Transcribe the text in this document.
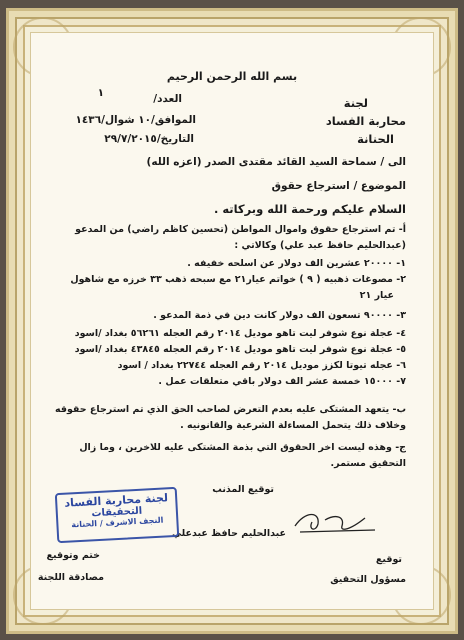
بسم الله الرحمن الرحيم
لجنة
محاربة الفساد
الحنانة
العدد/
١
الموافق/١٠ شوال/١٤٣٦
التاريخ/٢٩/٧/٢٠١٥
الى / سماحة السيد القائد مقتدى الصدر (اعزه الله)
الموضوع / استرجاع حقوق
السلام عليكم ورحمة الله وبركاته .
أ- تم استرجاع حقوق واموال المواطن (تحسين كاظم راضي) من المدعو
(عبدالحليم حافظ عبد علي) وكالاتي :
١- ٢٠٠٠٠ عشرين الف دولار عن اسلحه خفيفه .
٢- مصوغات ذهبيه ( ٩ ) خواتم عيار٢١ مع سبحه ذهب ٣٣ خرزه مع شاهول
عيار ٢١
٣- ٩٠٠٠٠ تسعون الف دولار كانت دين في ذمة المدعو .
٤- عجلة نوع شوفر ليت تاهو موديل ٢٠١٤ رقم العجله ٥٦٢٦١ بغداد /اسود
٥- عجلة نوع شوفر ليت تاهو موديل ٢٠١٤ رقم العجله ٤٣٨٤٥ بغداد /اسود
٦- عجله تيوتا لكزز موديل ٢٠١٤ رقم العجله ٢٢٧٤٤ بغداد / اسود
٧- ١٥٠٠٠ خمسة عشر الف دولار باقي متعلقات عمل .
ب- يتعهد المشتكى عليه بعدم التعرض لصاحب الحق الذي تم استرجاع حقوقه
وخلاف ذلك يتحمل المساءلة الشرعية والقانونيه .
ج- وهذه ليست اخر الحقوق التي بذمة المشتكى عليه للاخرين ، وما زال
التحقيق مستمر.
توقيع المذنب
عبدالحليم حافظ عبدعلي
لجنة محاربة الفساد
التحقيقات
النجف الاشرف / الحنانة
ختم وتوقيع
مصادقة اللجنة
توقيع
مسؤول التحقيق
